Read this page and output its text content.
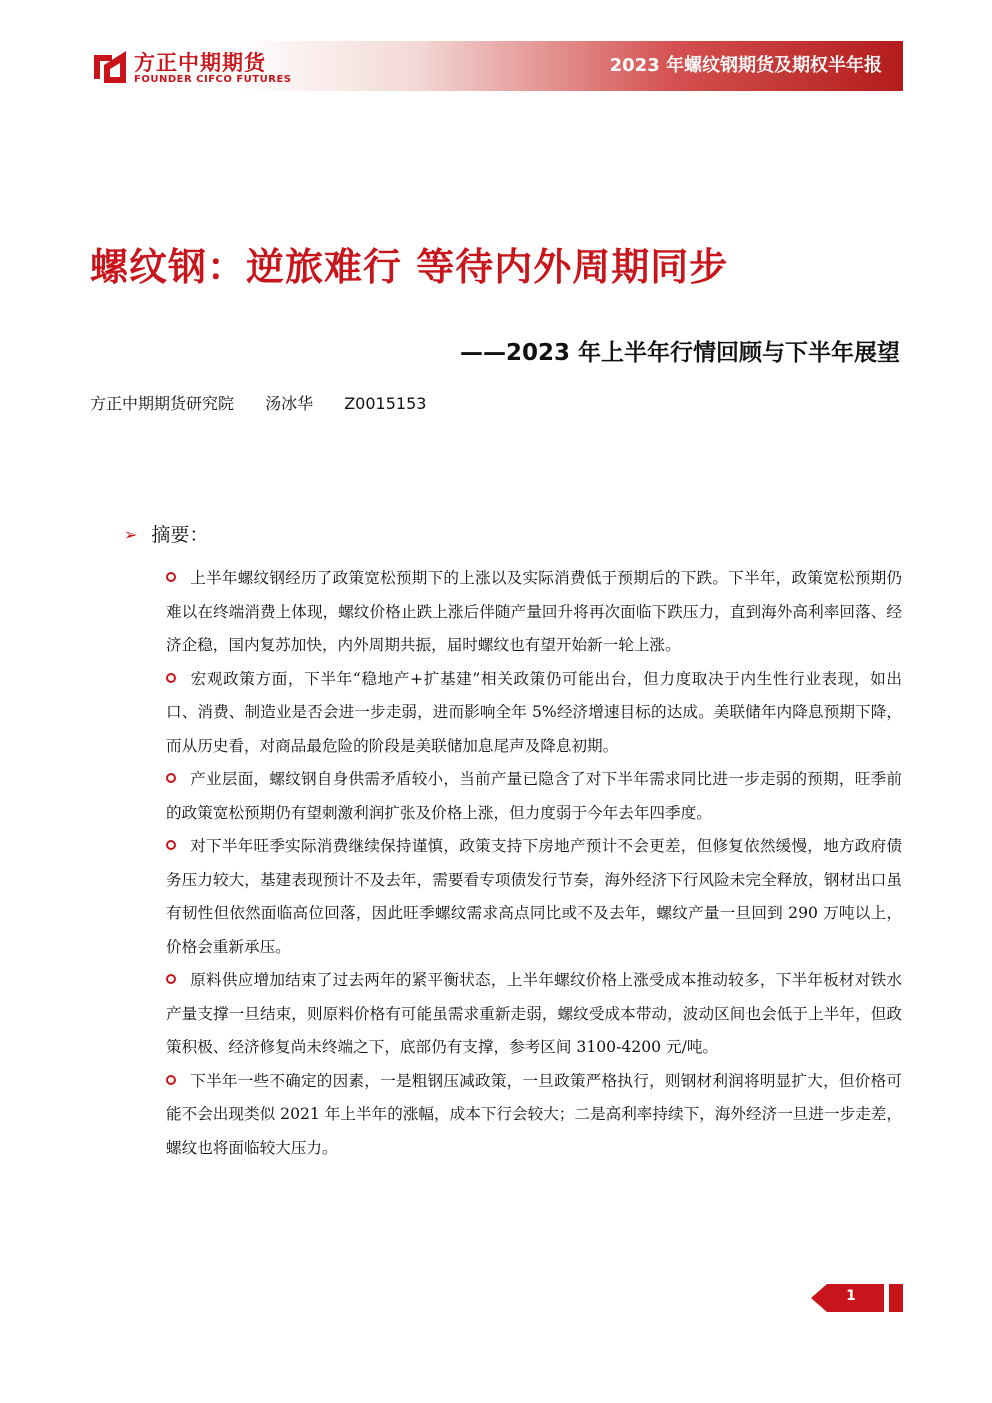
方正中期期货
FOUNDER CIFCO FUTURES
2023 年螺纹钢期货及期权半年报
螺纹钢：逆旅难行 等待内外周期同步
——2023 年上半年行情回顾与下半年展望
方正中期期货研究院 汤冰华 Z0015153
➢ 摘要：

上半年螺纹钢经历了政策宽松预期下的上涨以及实际消费低于预期后的下跌。下半年，政策宽松预期仍难以在终端消费上体现，螺纹价格止跌上涨后伴随产量回升将再次面临下跌压力，直到海外高利率回落、经济企稳，国内复苏加快，内外周期共振，届时螺纹也有望开始新一轮上涨。

宏观政策方面，下半年“稳地产+扩基建”相关政策仍可能出台，但力度取决于内生性行业表现，如出口、消费、制造业是否会进一步走弱，进而影响全年 5%经济增速目标的达成。美联储年内降息预期下降，而从历史看，对商品最危险的阶段是美联储加息尾声及降息初期。

产业层面，螺纹钢自身供需矛盾较小，当前产量已隐含了对下半年需求同比进一步走弱的预期，旺季前的政策宽松预期仍有望刺激利润扩张及价格上涨，但力度弱于今年去年四季度。

对下半年旺季实际消费继续保持谨慎，政策支持下房地产预计不会更差，但修复依然缓慢，地方政府债务压力较大，基建表现预计不及去年，需要看专项债发行节奏，海外经济下行风险未完全释放，钢材出口虽有韧性但依然面临高位回落，因此旺季螺纹需求高点同比或不及去年，螺纹产量一旦回到 290 万吨以上，价格会重新承压。

原料供应增加结束了过去两年的紧平衡状态，上半年螺纹价格上涨受成本推动较多，下半年板材对铁水产量支撑一旦结束，则原料价格有可能虽需求重新走弱，螺纹受成本带动，波动区间也会低于上半年，但政策积极、经济修复尚未终端之下，底部仍有支撑，参考区间 3100-4200 元/吨。

下半年一些不确定的因素，一是粗钢压减政策，一旦政策严格执行，则钢材利润将明显扩大，但价格可能不会出现类似 2021 年上半年的涨幅，成本下行会较大；二是高利率持续下，海外经济一旦进一步走差，螺纹也将面临较大压力。

1
